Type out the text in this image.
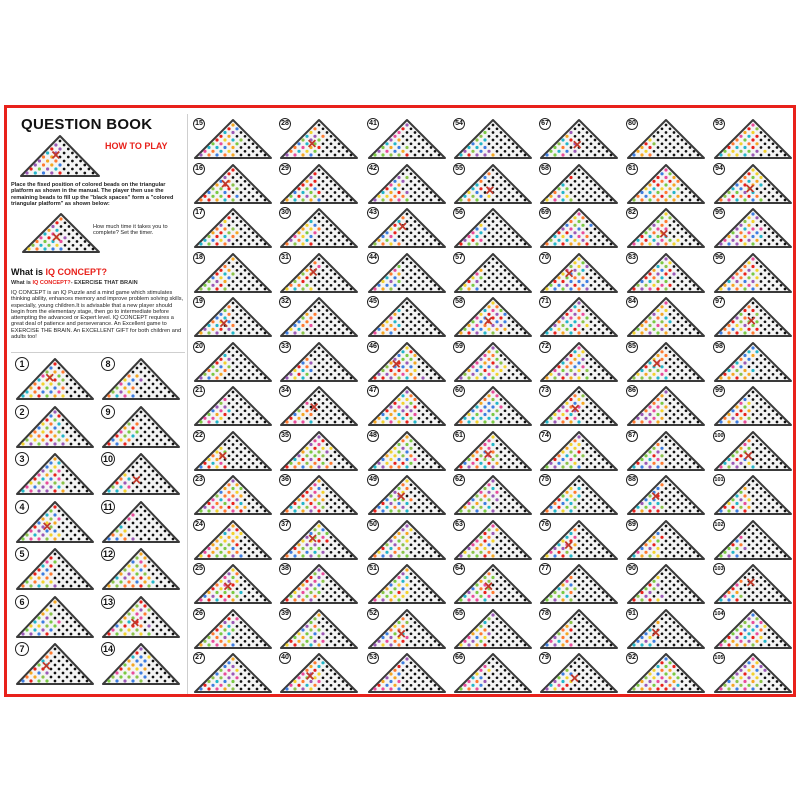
QUESTION BOOK
HOW TO PLAY
Place the fixed position of colored beads on the triangular platform as shown in the manual. The player then use the remaining beads to fill up the "black spaces" form a "colored triangular platform" as shown below:
How much time it takes you to complete? Set the timer.
What is IQ CONCEPT?
What is IQ CONCEPT?- EXERCISE THAT BRAIN
IQ CONCEPT is an IQ Puzzle and a mind game which stimulates thinking ability, enhances memory and improve problem solving skills, especially, young children.It is advisable that a new player should begin from the elementary stage, then go to intermediate before attempting the advanced or Expert level. IQ CONCEPT requires a great deal of patience and perseverance. An Excellent game to EXERCISE THE BRAIN. An EXCELLENT GIFT for both children and adults too!
1
2
3
4
5
6
7
8
9
10
11
12
13
14
15
16
17
18
19
20
21
22
23
24
25
26
27
28
29
30
31
32
33
34
35
36
37
38
39
40
41
42
43
44
45
46
47
48
49
50
51
52
53
54
55
56
57
58
59
60
61
62
63
64
65
66
67
68
69
70
71
72
73
74
75
76
77
78
79
80
81
82
83
84
85
86
87
88
89
90
91
92
93
94
95
96
97
98
99
100
101
102
103
104
105
